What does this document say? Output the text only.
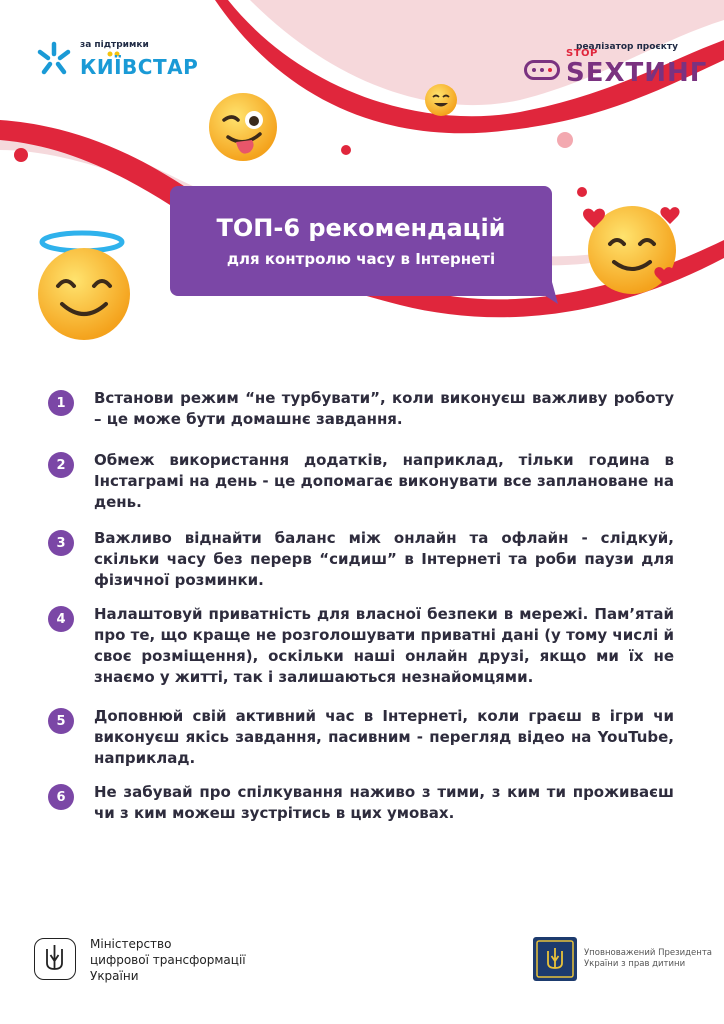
за підтримки
КИЇВСТАР
реалізатор проєкту
STOP
SEXTИНГ
ТОП-6 рекомендацій
для контролю часу в Інтернеті
1	Встанови режим “не турбувати”, коли виконуєш важливу роботу – це може бути домашнє завдання.
2	Обмеж використання додатків, наприклад, тільки година в Інстаграмі на день - це допомагає виконувати все заплановане на день.
3	Важливо віднайти баланс між онлайн та офлайн - слідкуй, скільки часу без перерв “сидиш” в Інтернеті та роби паузи для фізичної розминки.
4	Налаштовуй приватність для власної безпеки в мережі. Пам’ятай про те, що краще не розголошувати приватні дані (у тому числі й своє розміщення), оскільки наші онлайн друзі, якщо ми їх не знаємо у житті, так і залишаються незнайомцями.
5	Доповнюй свій активний час в Інтернеті, коли граєш в ігри чи виконуєш якісь завдання, пасивним - перегляд відео на YouTube, наприклад.
6	Не забувай про спілкування наживо з тими, з ким ти проживаєш чи з ким можеш зустрітись в цих умовах.
Міністерство
цифрової трансформації
України
Уповноважений Президента
України з прав дитини
